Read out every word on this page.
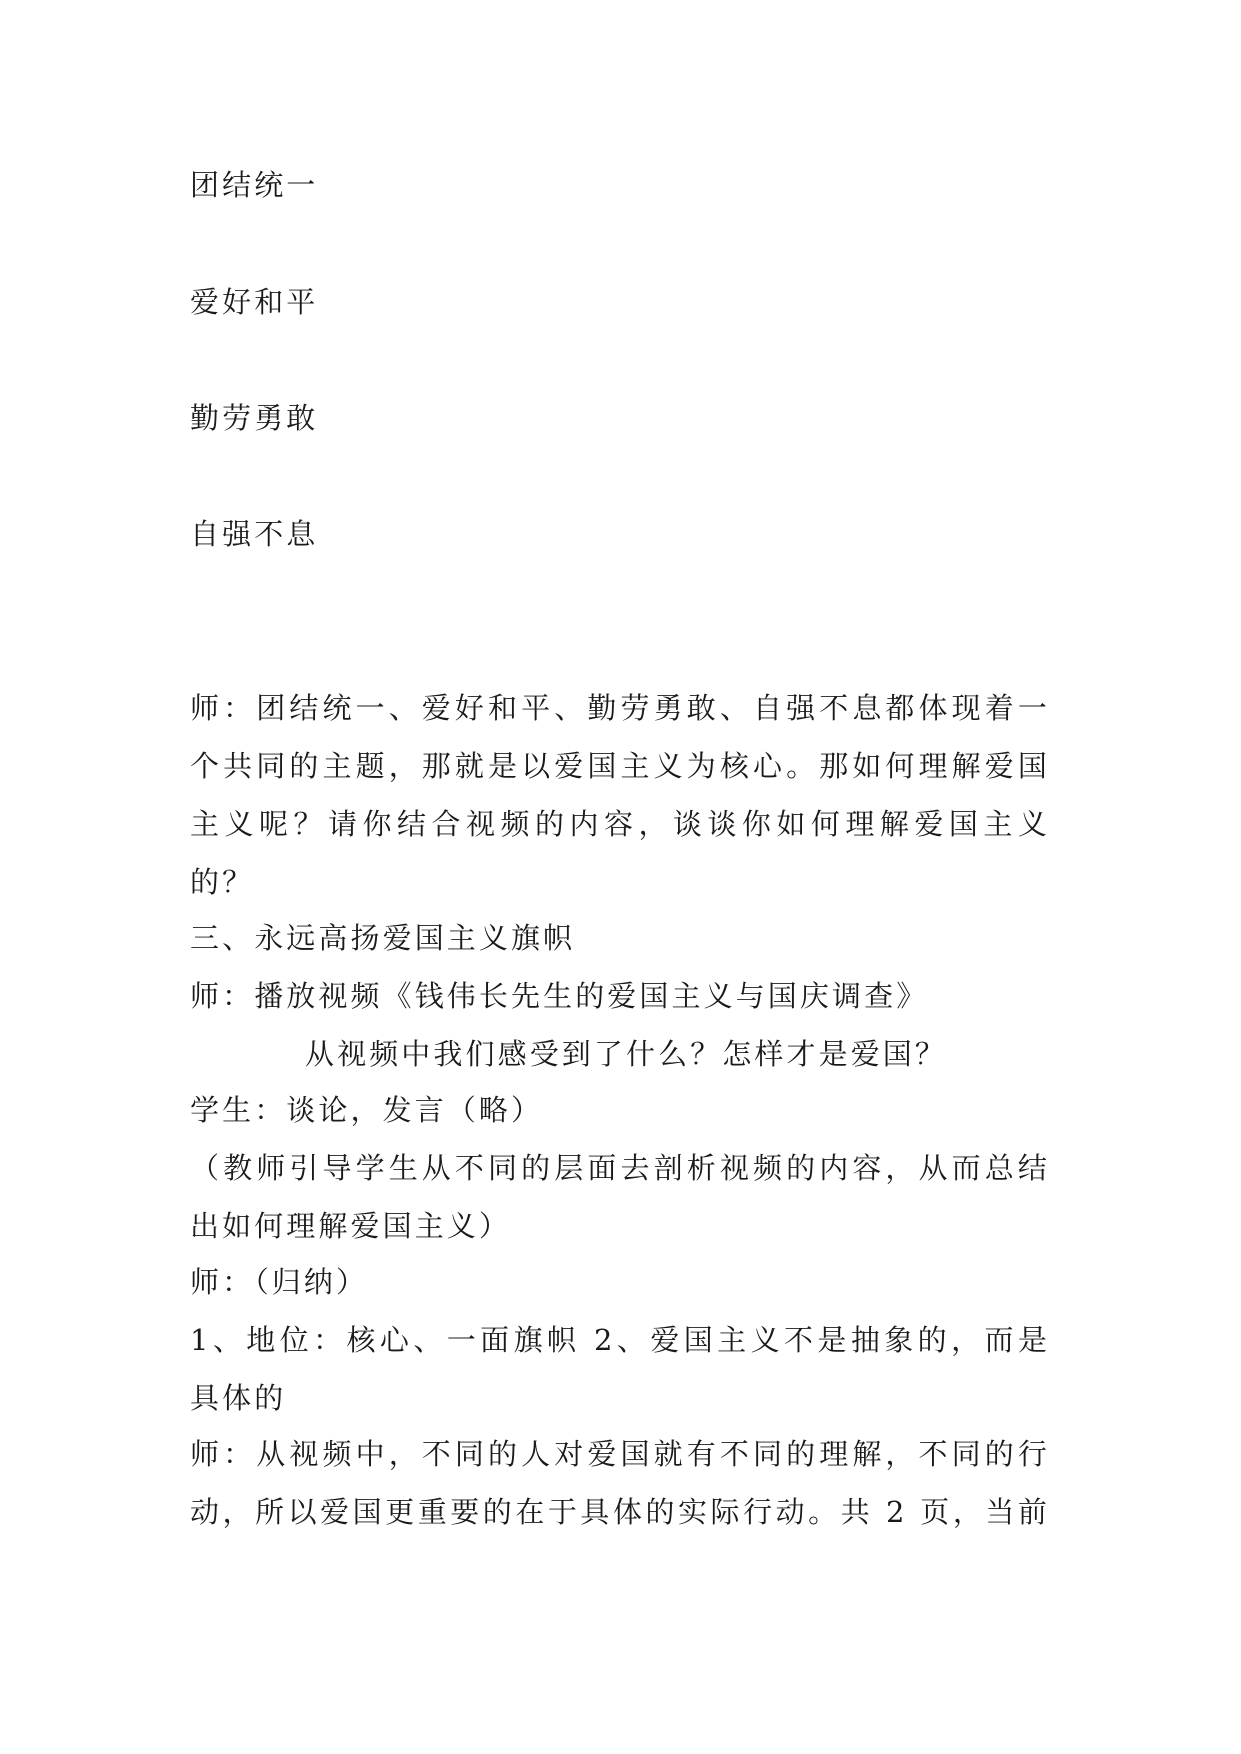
团结统一

爱好和平

勤劳勇敢

自强不息

师：团结统一、爱好和平、勤劳勇敢、自强不息都体现着一

个共同的主题，那就是以爱国主义为核心。那如何理解爱国

主义呢？请你结合视频的内容，谈谈你如何理解爱国主义

的？

三、永远高扬爱国主义旗帜

师：播放视频《钱伟长先生的爱国主义与国庆调查》

从视频中我们感受到了什么？怎样才是爱国？

学生：谈论，发言（略）

（教师引导学生从不同的层面去剖析视频的内容，从而总结

出如何理解爱国主义）

师：（归纳）

1、地位：核心、一面旗帜 2、爱国主义不是抽象的，而是

具体的

师：从视频中，不同的人对爱国就有不同的理解，不同的行

动，所以爱国更重要的在于具体的实际行动。共 2 页，当前
